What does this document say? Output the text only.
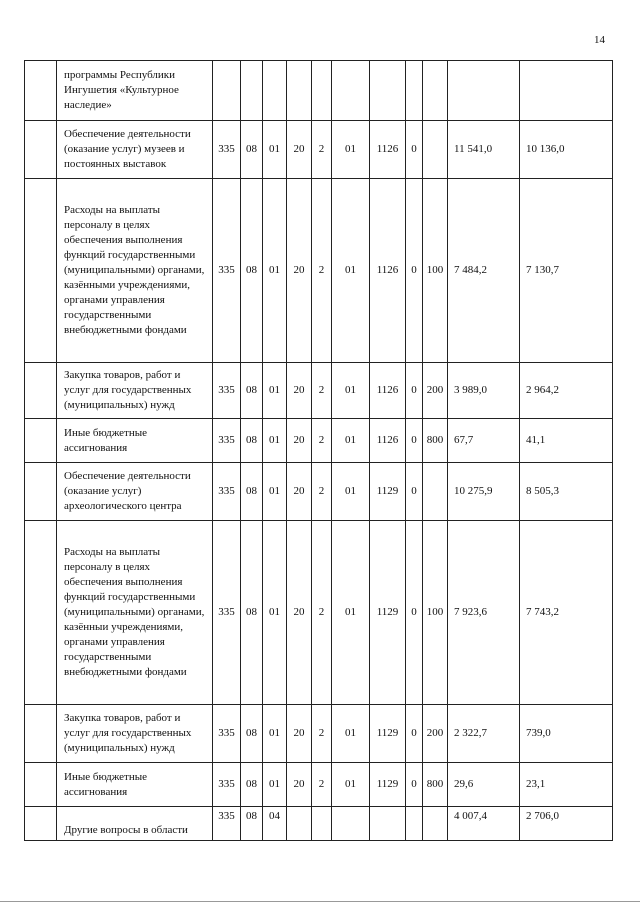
14
	программы Республики Ингушетия «Культурное наследие»											
	Обеспечение деятельности (оказание услуг) музеев и постоянных выставок	335	08	01	20	2	01	1126	0		11 541,0	10 136,0
	Расходы на выплаты персоналу в целях обеспечения выполнения функций государственными (муниципальными) органами, казёнными учреждениями, органами управления государственными внебюджетными фондами	335	08	01	20	2	01	1126	0	100	7 484,2	7 130,7
	Закупка товаров, работ и услуг для государственных (муниципальных) нужд	335	08	01	20	2	01	1126	0	200	3 989,0	2 964,2
	Иные бюджетные ассигнования	335	08	01	20	2	01	1126	0	800	67,7	41,1
	Обеспечение деятельности (оказание услуг) археологического центра	335	08	01	20	2	01	1129	0		10 275,9	8 505,3
	Расходы на выплаты персоналу в целях обеспечения выполнения функций государственными (муниципальными) органами, казённыи учреждениями, органами управления государственными внебюджетными фондами	335	08	01	20	2	01	1129	0	100	7 923,6	7 743,2
	Закупка товаров, работ и услуг для государственных (муниципальных) нужд	335	08	01	20	2	01	1129	0	200	2 322,7	739,0
	Иные бюджетные ассигнования	335	08	01	20	2	01	1129	0	800	29,6	23,1
	Другие вопросы в области	335	08	04							4 007,4	2 706,0
